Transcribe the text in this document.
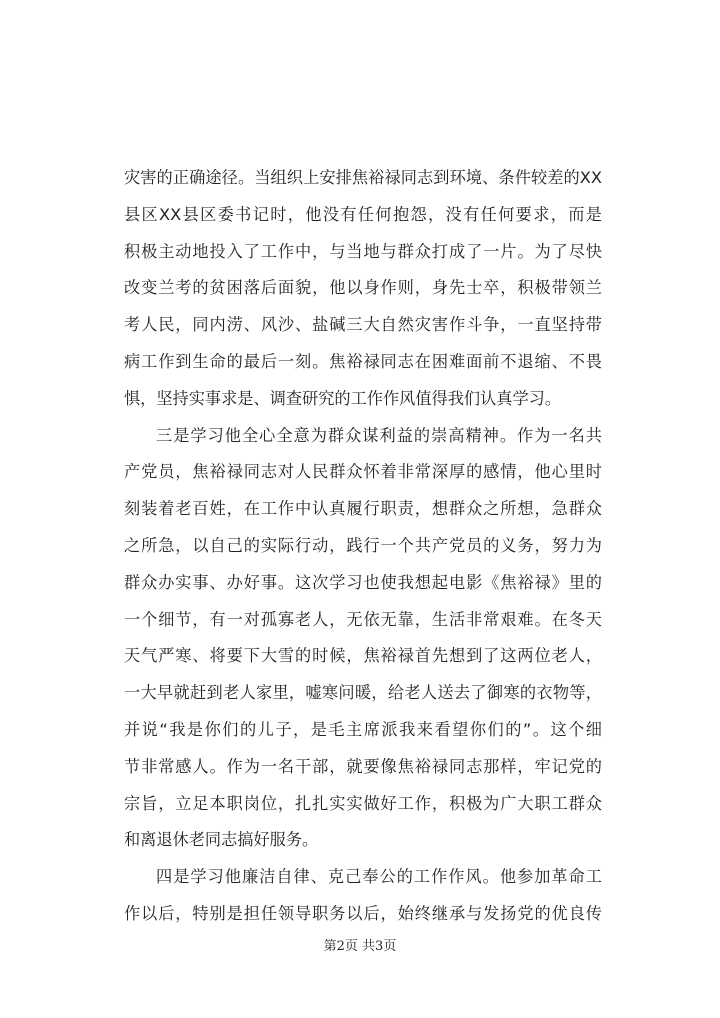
灾害的正确途径。当组织上安排焦裕禄同志到环境、条件较差的XX
县区XX县区委书记时，他没有任何抱怨，没有任何要求，而是
积极主动地投入了工作中，与当地与群众打成了一片。为了尽快
改变兰考的贫困落后面貌，他以身作则，身先士卒，积极带领兰
考人民，同内涝、风沙、盐碱三大自然灾害作斗争，一直坚持带
病工作到生命的最后一刻。焦裕禄同志在困难面前不退缩、不畏
惧，坚持实事求是、调查研究的工作作风值得我们认真学习。
三是学习他全心全意为群众谋利益的崇高精神。作为一名共
产党员，焦裕禄同志对人民群众怀着非常深厚的感情，他心里时
刻装着老百姓，在工作中认真履行职责，想群众之所想，急群众
之所急，以自己的实际行动，践行一个共产党员的义务，努力为
群众办实事、办好事。这次学习也使我想起电影《焦裕禄》里的
一个细节，有一对孤寡老人，无依无靠，生活非常艰难。在冬天
天气严寒、将要下大雪的时候，焦裕禄首先想到了这两位老人，
一大早就赶到老人家里，嘘寒问暖，给老人送去了御寒的衣物等，
并说“我是你们的儿子，是毛主席派我来看望你们的”。这个细
节非常感人。作为一名干部，就要像焦裕禄同志那样，牢记党的
宗旨，立足本职岗位，扎扎实实做好工作，积极为广大职工群众
和离退休老同志搞好服务。
四是学习他廉洁自律、克己奉公的工作作风。他参加革命工
作以后，特别是担任领导职务以后，始终继承与发扬党的优良传
第2页 共3页
